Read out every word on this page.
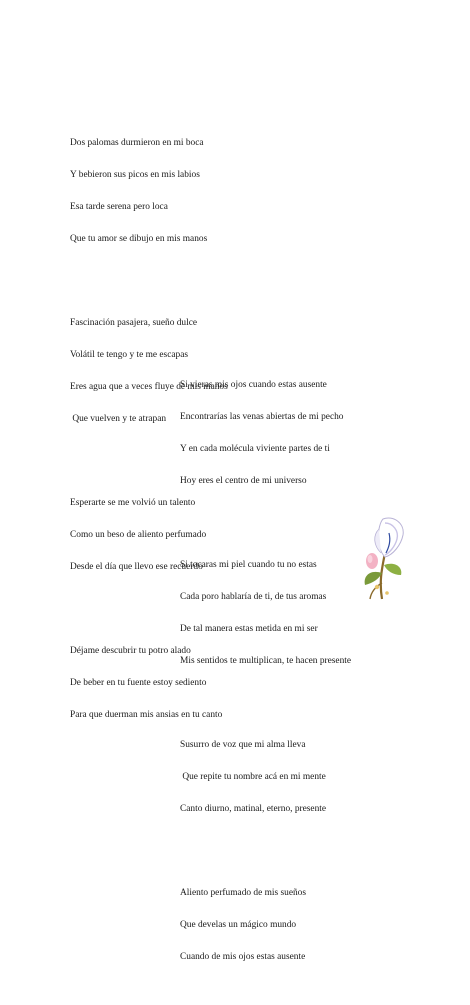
Dos palomas durmieron en mi boca

Y bebieron sus picos en mis labios

Esa tarde serena pero loca

Que tu amor se dibujo en mis manos

Fascinación pasajera, sueño dulce

Volátil te tengo y te me escapas

Eres agua que a veces fluye de mis manos

Que vuelven y te atrapan

Esperarte se me volvió un talento

Como un beso de aliento perfumado

Desde el día que llevo ese recuerdo

Déjame descubrir tu potro alado

De beber en tu fuente estoy sediento

Para que duerman mis ansias en tu canto

Si vieras mis ojos cuando estas ausente

Encontrarías las venas abiertas de mi pecho

Y en cada molécula viviente partes de ti

Hoy eres el centro de mi universo

Si tocaras mi piel cuando tu no estas

Cada poro hablaría de ti, de tus aromas

De tal manera estas metida en mi ser

Mis sentidos te multiplican, te hacen presente

Susurro de voz que mi alma lleva

Que repite tu nombre acá en mi mente

Canto diurno, matinal, eterno, presente

Aliento perfumado de mis sueños

Que develas un mágico mundo

Cuando de mis ojos estas ausente
